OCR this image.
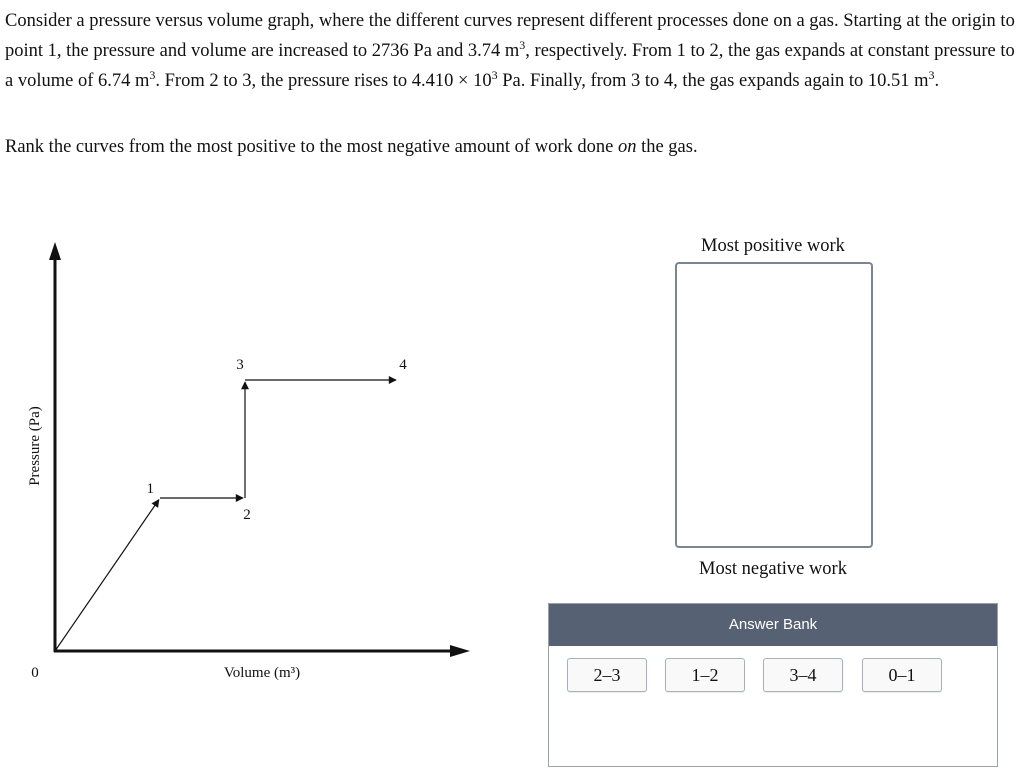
Consider a pressure versus volume graph, where the different curves represent different processes done on a gas. Starting at the origin to point 1, the pressure and volume are increased to 2736 Pa and 3.74 $m^3$, respectively. From 1 to 2, the gas expands at constant pressure to a volume of 6.74 $m^3$. From 2 to 3, the pressure rises to $4.410 \times 10^3$ Pa. Finally, from 3 to 4, the gas expands again to 10.51 $m^3$.

Rank the curves from the most positive to the most negative amount of work done on the gas.

1
2
3	4
Pressure (Pa)
Volume (m³)
0
Most positive work
Most negative work
Answer Bank
2–3	1–2	3–4	0–1
